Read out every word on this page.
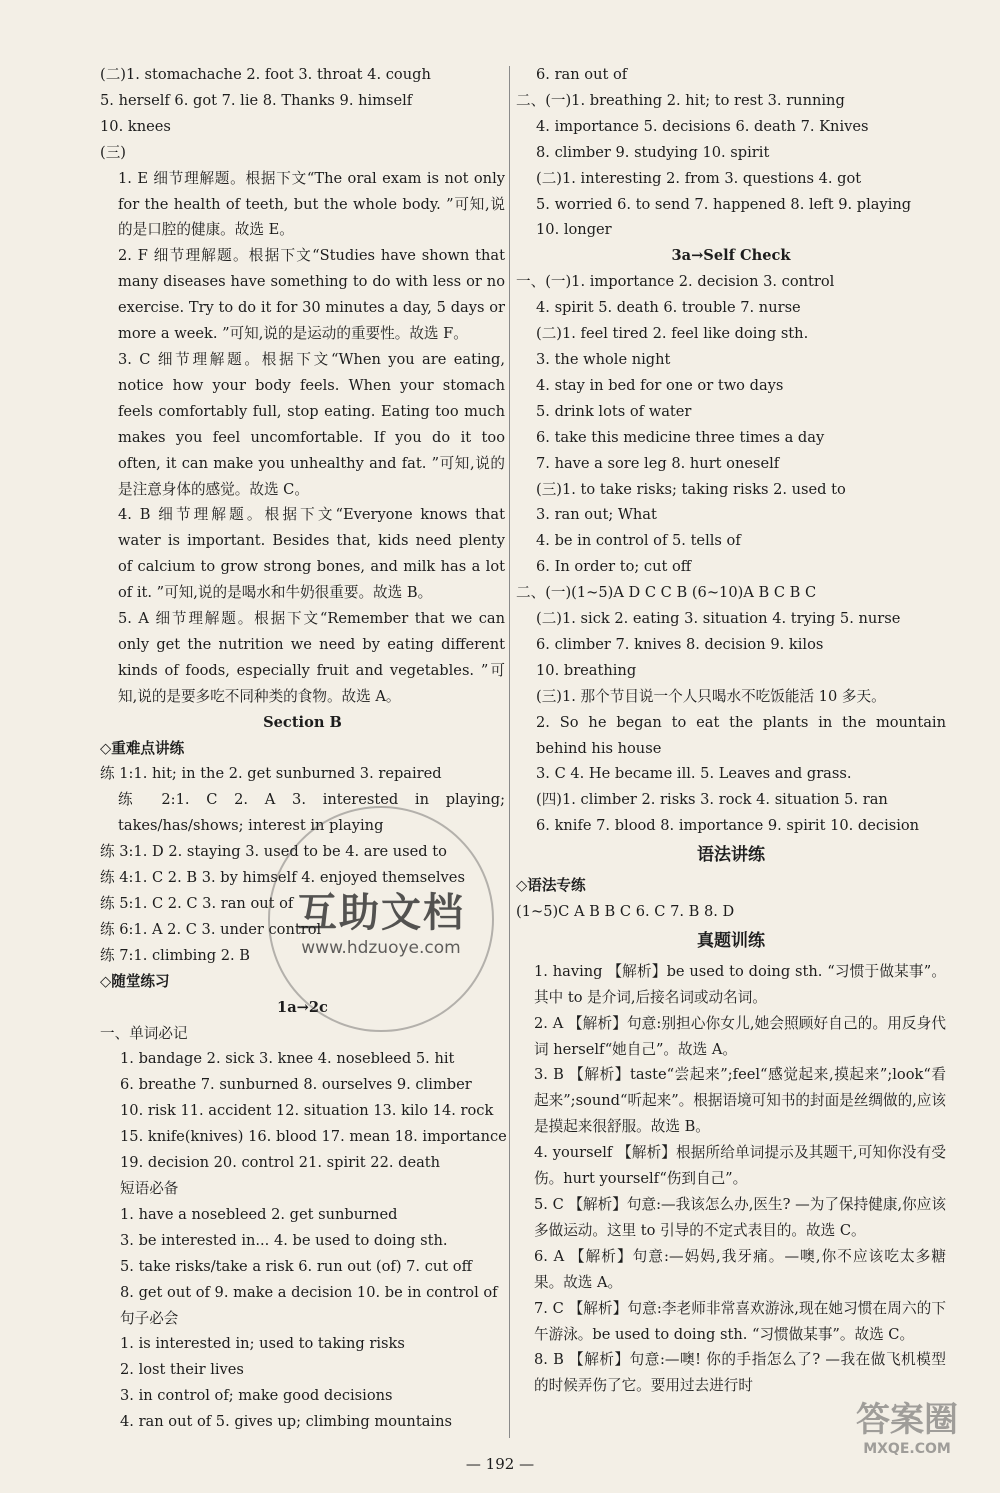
(二)1. stomachache 2. foot 3. throat 4. cough
5. herself 6. got 7. lie 8. Thanks 9. himself
10. knees
(三)
1. E 细节理解题。根据下文“The oral exam is not only for the health of teeth, but the whole body. ”可知,说的是口腔的健康。故选 E。
2. F 细节理解题。根据下文“Studies have shown that many diseases have something to do with less or no exercise. Try to do it for 30 minutes a day, 5 days or more a week. ”可知,说的是运动的重要性。故选 F。
3. C 细节理解题。根据下文“When you are eating, notice how your body feels. When your stomach feels comfortably full, stop eating. Eating too much makes you feel uncomfortable. If you do it too often, it can make you unhealthy and fat. ”可知,说的是注意身体的感觉。故选 C。
4. B 细节理解题。根据下文“Everyone knows that water is important. Besides that, kids need plenty of calcium to grow strong bones, and milk has a lot of it. ”可知,说的是喝水和牛奶很重要。故选 B。
5. A 细节理解题。根据下文“Remember that we can only get the nutrition we need by eating different kinds of foods, especially fruit and vegetables. ”可知,说的是要多吃不同种类的食物。故选 A。
Section B
◇重难点讲练
练 1:1. hit; in the 2. get sunburned 3. repaired
练 2:1. C 2. A 3. interested in playing; takes/has/shows; interest in playing
练 3:1. D 2. staying 3. used to be 4. are used to
练 4:1. C 2. B 3. by himself 4. enjoyed themselves
练 5:1. C 2. C 3. ran out of
练 6:1. A 2. C 3. under control
练 7:1. climbing 2. B
◇随堂练习
1a→2c
一、单词必记
1. bandage 2. sick 3. knee 4. nosebleed 5. hit
6. breathe 7. sunburned 8. ourselves 9. climber
10. risk 11. accident 12. situation 13. kilo 14. rock
15. knife(knives) 16. blood 17. mean 18. importance
19. decision 20. control 21. spirit 22. death
短语必备
1. have a nosebleed 2. get sunburned
3. be interested in... 4. be used to doing sth.
5. take risks/take a risk 6. run out (of) 7. cut off
8. get out of 9. make a decision 10. be in control of
句子必会
1. is interested in; used to taking risks
2. lost their lives
3. in control of; make good decisions
4. ran out of 5. gives up; climbing mountains
6. ran out of
二、(一)1. breathing 2. hit; to rest 3. running
4. importance 5. decisions 6. death 7. Knives
8. climber 9. studying 10. spirit
(二)1. interesting 2. from 3. questions 4. got
5. worried 6. to send 7. happened 8. left 9. playing
10. longer
3a→Self Check
一、(一)1. importance 2. decision 3. control
4. spirit 5. death 6. trouble 7. nurse
(二)1. feel tired 2. feel like doing sth.
3. the whole night
4. stay in bed for one or two days
5. drink lots of water
6. take this medicine three times a day
7. have a sore leg 8. hurt oneself
(三)1. to take risks; taking risks 2. used to
3. ran out; What
4. be in control of 5. tells of
6. In order to; cut off
二、(一)(1~5)A D C C B (6~10)A B C B C
(二)1. sick 2. eating 3. situation 4. trying 5. nurse
6. climber 7. knives 8. decision 9. kilos
10. breathing
(三)1. 那个节目说一个人只喝水不吃饭能活 10 多天。
2. So he began to eat the plants in the mountain behind his house
3. C 4. He became ill. 5. Leaves and grass.
(四)1. climber 2. risks 3. rock 4. situation 5. ran
6. knife 7. blood 8. importance 9. spirit 10. decision
语法讲练
◇语法专练
(1~5)C A B B C 6. C 7. B 8. D
真题训练
1. having 【解析】be used to doing sth. “习惯于做某事”。其中 to 是介词,后接名词或动名词。
2. A 【解析】句意:别担心你女儿,她会照顾好自己的。用反身代词 herself“她自己”。故选 A。
3. B 【解析】taste“尝起来”;feel“感觉起来,摸起来”;look“看起来”;sound“听起来”。根据语境可知书的封面是丝绸做的,应该是摸起来很舒服。故选 B。
4. yourself 【解析】根据所给单词提示及其题干,可知你没有受伤。hurt yourself“伤到自己”。
5. C 【解析】句意:—我该怎么办,医生? —为了保持健康,你应该多做运动。这里 to 引导的不定式表目的。故选 C。
6. A 【解析】句意:—妈妈,我牙痛。—噢,你不应该吃太多糖果。故选 A。
7. C 【解析】句意:李老师非常喜欢游泳,现在她习惯在周六的下午游泳。be used to doing sth. “习惯做某事”。故选 C。
8. B 【解析】句意:—噢! 你的手指怎么了? —我在做飞机模型的时候弄伤了它。要用过去进行时
互助文档
www.hdzuoye.com
— 192 —
答案圈
MXQE.COM
